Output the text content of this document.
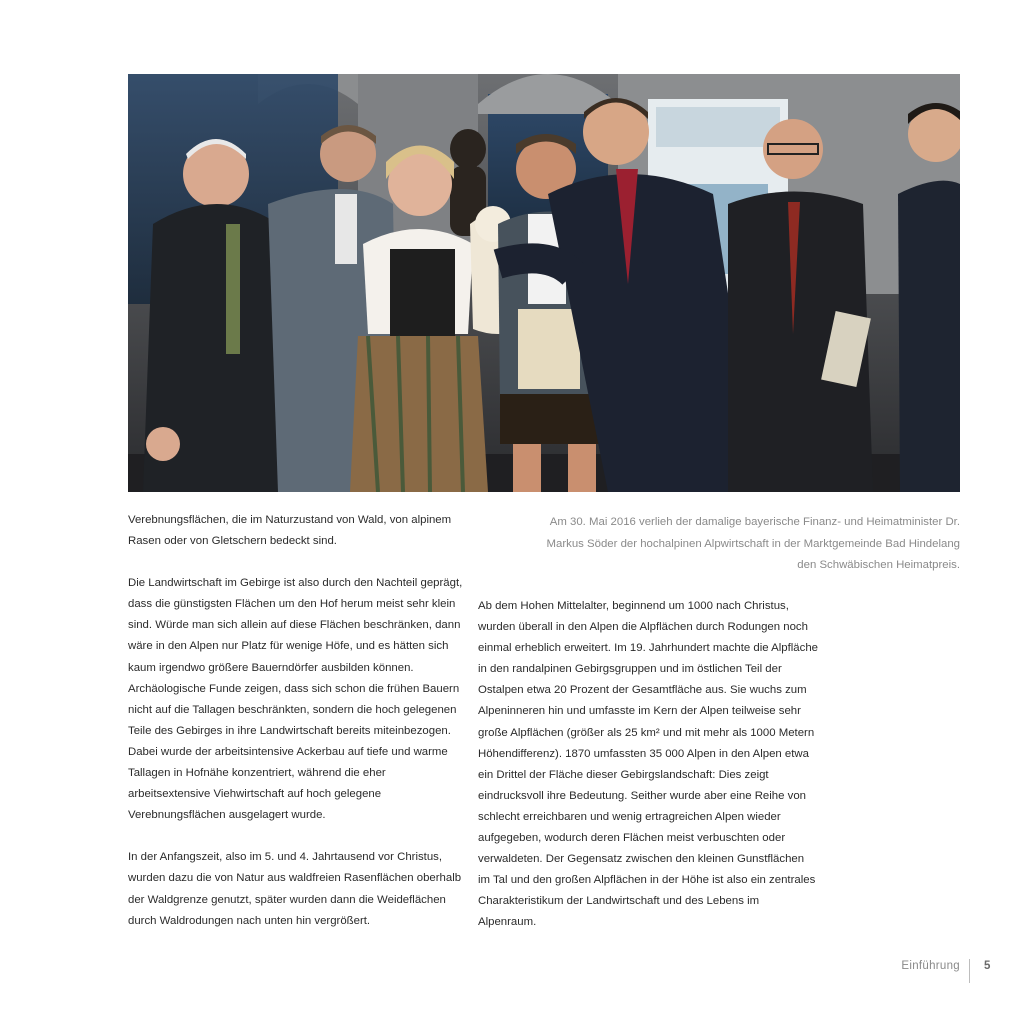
Verebnungsflächen, die im Naturzustand von Wald, von alpinem Rasen oder von Gletschern bedeckt sind.

Die Landwirtschaft im Gebirge ist also durch den Nachteil geprägt, dass die günstigsten Flächen um den Hof herum meist sehr klein sind. Würde man sich allein auf diese Flächen beschränken, dann wäre in den Alpen nur Platz für wenige Höfe, und es hätten sich kaum irgendwo größere Bauerndörfer ausbilden können. Archäologische Funde zeigen, dass sich schon die frühen Bauern nicht auf die Tallagen beschränkten, sondern die hoch gelegenen Teile des Gebirges in ihre Landwirtschaft bereits miteinbezogen. Dabei wurde der arbeitsintensive Ackerbau auf tiefe und warme Tallagen in Hofnähe konzentriert, während die eher arbeitsextensive Viehwirtschaft auf hoch gelegene Verebnungsflächen ausgelagert wurde.

In der Anfangszeit, also im 5. und 4. Jahrtausend vor Christus, wurden dazu die von Natur aus waldfreien Rasenflächen oberhalb der Waldgrenze genutzt, später wurden dann die Weideflächen durch Waldrodungen nach unten hin vergrößert.

Am 30. Mai 2016 verlieh der damalige bayerische Finanz- und Heimatminister Dr. Markus Söder der hochalpinen Alpwirtschaft in der Marktgemeinde Bad Hindelang den Schwäbischen Heimatpreis.

Ab dem Hohen Mittelalter, beginnend um 1000 nach Christus, wurden überall in den Alpen die Alpflächen durch Rodungen noch einmal erheblich erweitert. Im 19. Jahrhundert machte die Alpfläche in den randalpinen Gebirgsgruppen und im östlichen Teil der Ostalpen etwa 20 Prozent der Gesamtfläche aus. Sie wuchs zum Alpeninneren hin und umfasste im Kern der Alpen teilweise sehr große Alpflächen (größer als 25 km² und mit mehr als 1000 Metern Höhendifferenz). 1870 umfassten 35 000 Alpen in den Alpen etwa ein Drittel der Fläche dieser Gebirgslandschaft: Dies zeigt eindrucksvoll ihre Bedeutung. Seither wurde aber eine Reihe von schlecht erreichbaren und wenig ertragreichen Alpen wieder aufgegeben, wodurch deren Flächen meist verbuschten oder verwaldeten. Der Gegensatz zwischen den kleinen Gunstflächen im Tal und den großen Alpflächen in der Höhe ist also ein zentrales Charakteristikum der Landwirtschaft und des Lebens im Alpenraum.

Einführung 5
